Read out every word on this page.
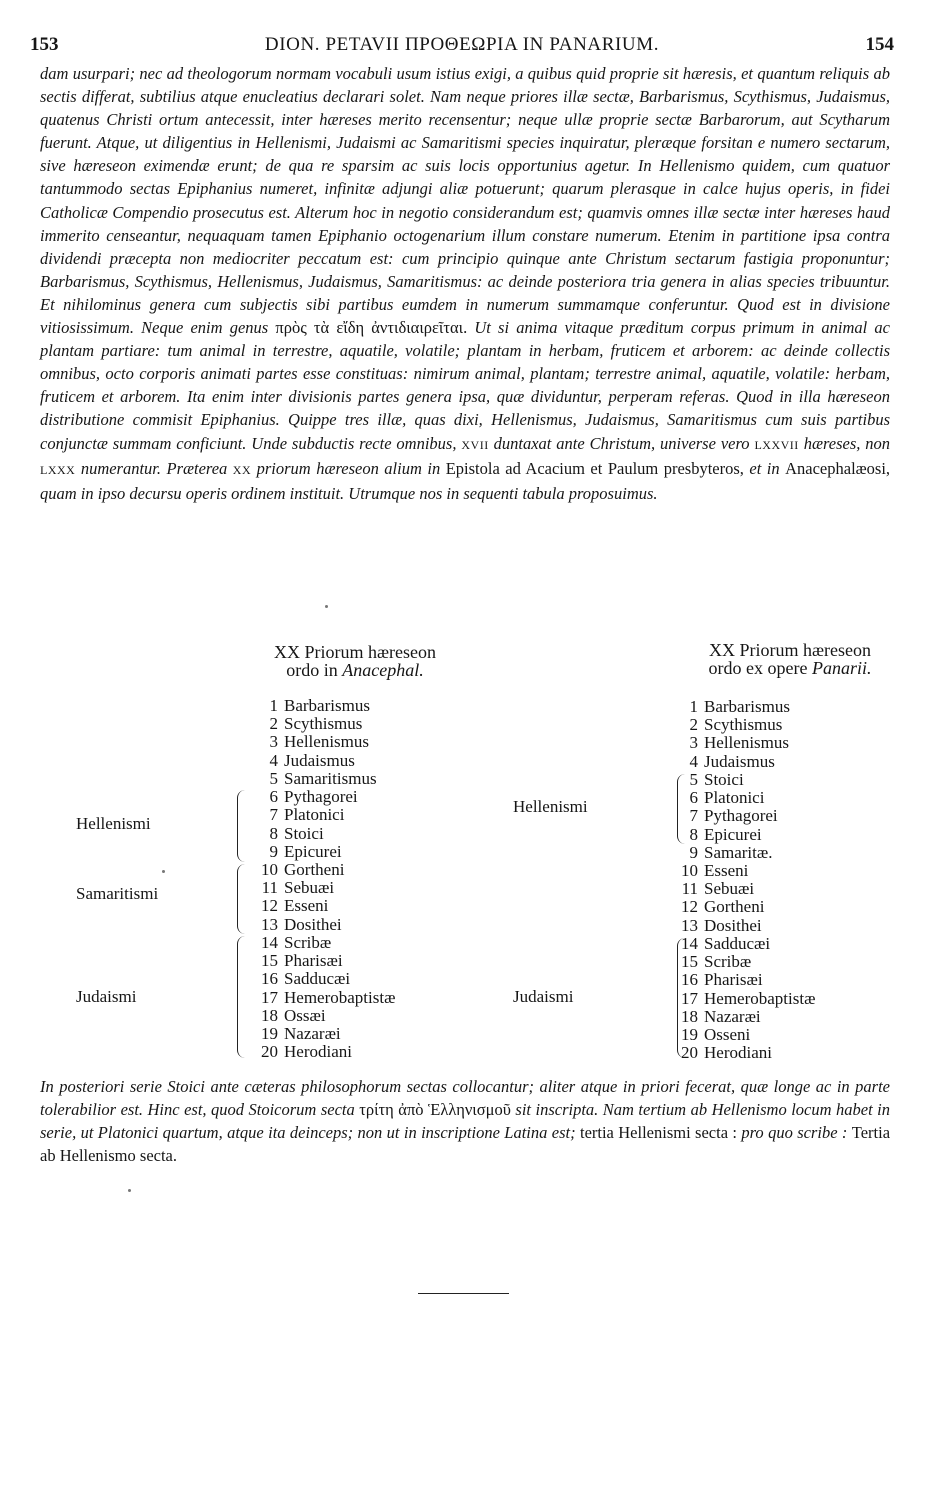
153	DION. PETAVII ΠΡΟΘΕΩΡΙΑ IN PANARIUM.	154
dam usurpari; nec ad theologorum normam vocabuli usum istius exigi, a quibus quid proprie sit hæresis, et quantum reliquis ab sectis differat, subtilius atque enucleatius declarari solet. Nam neque priores illæ sectæ, Barbarismus, Scythismus, Judaismus, quatenus Christi ortum antecessit, inter hæreses merito recensentur; neque ullæ proprie sectæ Barbarorum, aut Scytharum fuerunt. Atque, ut diligentius in Hellenismi, Judaismi ac Samaritismi species inquiratur, pleræque forsitan e numero sectarum, sive hæreseon eximendæ erunt; de qua re sparsim ac suis locis opportunius agetur. In Hellenismo quidem, cum quatuor tantummodo sectas Epiphanius numeret, infinitæ adjungi aliæ potuerunt; quarum plerasque in calce hujus operis, in fidei Catholicæ Compendio prosecutus est. Alterum hoc in negotio considerandum est; quamvis omnes illæ sectæ inter hæreses haud immerito censeantur, nequaquam tamen Epiphanio octogenarium illum constare numerum. Etenim in partitione ipsa contra dividendi præcepta non mediocriter peccatum est: cum principio quinque ante Christum sectarum fastigia proponuntur; Barbarismus, Scythismus, Hellenismus, Judaismus, Samaritismus: ac deinde posteriora tria genera in alias species tribuuntur. Et nihilominus genera cum subjectis sibi partibus eumdem in numerum summamque conferuntur. Quod est in divisione vitiosissimum. Neque enim genus πρὸς τὰ εἴδη ἀντιδιαιρεῖται. Ut si anima vitaque præditum corpus primum in animal ac plantam partiare: tum animal in terrestre, aquatile, volatile; plantam in herbam, fruticem et arborem: ac deinde collectis omnibus, octo corporis animati partes esse constituas: nimirum animal, plantam; terrestre animal, aquatile, volatile: herbam, fruticem et arborem. Ita enim inter divisionis partes genera ipsa, quæ dividuntur, perperam referas. Quod in illa hæreseon distributione commisit Epiphanius. Quippe tres illæ, quas dixi, Hellenismus, Judaismus, Samaritismus cum suis partibus conjunctæ summam conficiunt. Unde subductis recte omnibus, XVII duntaxat ante Christum, universe vero LXXVII hæreses, non LXXX numerantur. Præterea XX priorum hæreseon alium in Epistola ad Acacium et Paulum presbyteros, et in Anacephalæosi, quam in ipso decursu operis ordinem instituit. Utrumque nos in sequenti tabula proposuimus.
XX Priorum hæreseon
ordo in Anacephal.
XX Priorum hæreseon
ordo ex opere Panarii.
1 Barbarismus
2 Scythismus
3 Hellenismus
4 Judaismus
5 Samaritismus
6 Pythagorei
7 Platonici
8 Stoici
9 Epicurei
10 Gortheni
11 Sebuæi
12 Esseni
13 Dosithei
14 Scribæ
15 Pharisæi
16 Sadducæi
17 Hemerobaptistæ
18 Ossæi
19 Nazaræi
20 Herodiani
1 Barbarismus
2 Scythismus
3 Hellenismus
4 Judaismus
5 Stoici
6 Platonici
7 Pythagorei
8 Epicurei
9 Samaritæ.
10 Esseni
11 Sebuæi
12 Gortheni
13 Dosithei
14 Sadducæi
15 Scribæ
16 Pharisæi
17 Hemerobaptistæ
18 Nazaræi
19 Osseni
20 Herodiani
Hellenismi
Samaritismi
Judaismi
Hellenismi
Judaismi
In posteriori serie Stoici ante cæteras philosophorum sectas collocantur; aliter atque in priori fecerat, quæ longe ac in parte tolerabilior est. Hinc est, quod Stoicorum secta τρίτη ἀπὸ Ἑλληνισμοῦ sit inscripta. Nam tertium ab Hellenismo locum habet in serie, ut Platonici quartum, atque ita deinceps; non ut in inscriptione Latina est; tertia Hellenismi secta : pro quo scribe : Tertia ab Hellenismo secta.
